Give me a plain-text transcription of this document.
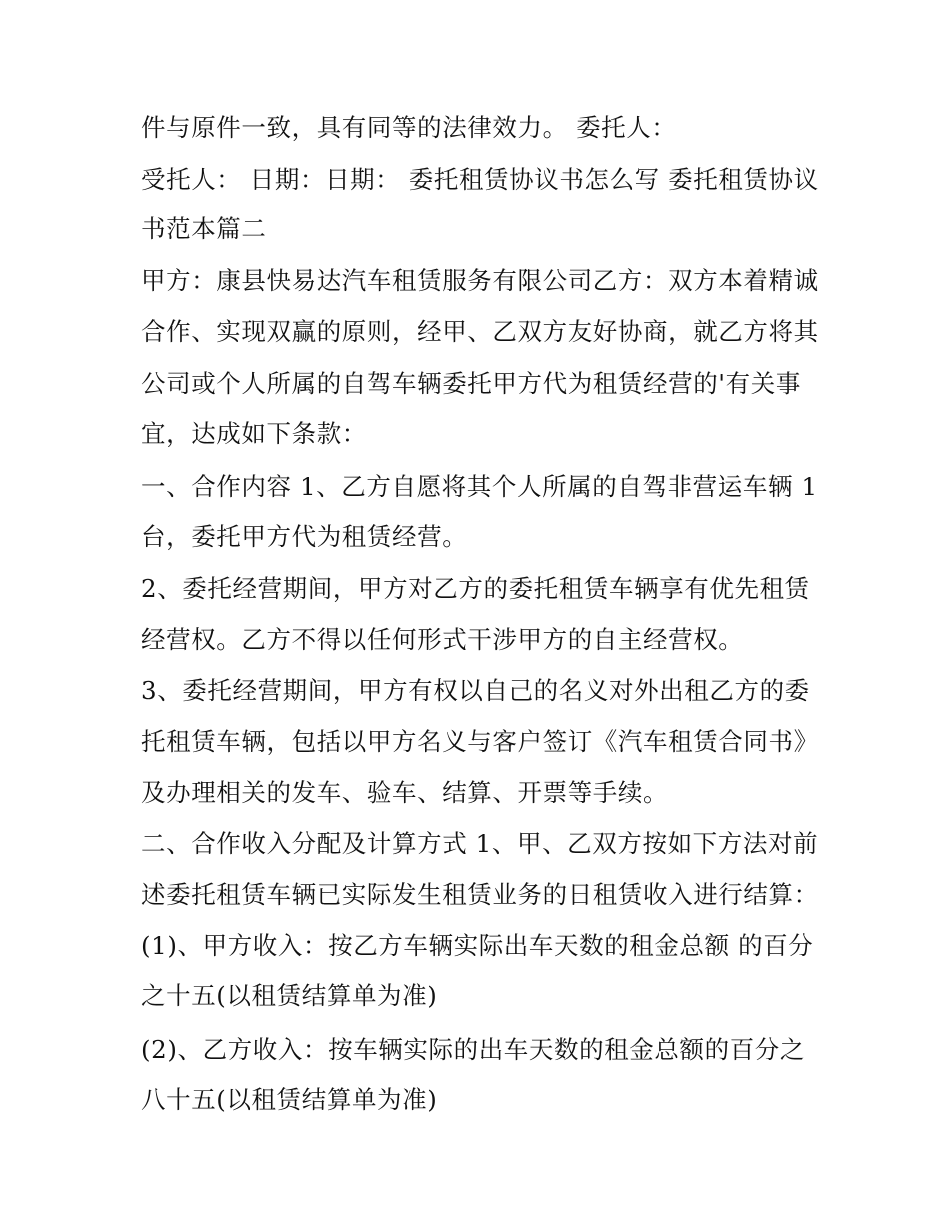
件与原件一致，具有同等的法律效力。 委托人：
受托人： 日期：日期： 委托租赁协议书怎么写 委托租赁协议
书范本篇二
甲方：康县快易达汽车租赁服务有限公司乙方：双方本着精诚
合作、实现双赢的原则，经甲、乙双方友好协商，就乙方将其
公司或个人所属的自驾车辆委托甲方代为租赁经营的'有关事
宜，达成如下条款：
一、合作内容 1、乙方自愿将其个人所属的自驾非营运车辆 1
台，委托甲方代为租赁经营。
2、委托经营期间，甲方对乙方的委托租赁车辆享有优先租赁
经营权。乙方不得以任何形式干涉甲方的自主经营权。
3、委托经营期间，甲方有权以自己的名义对外出租乙方的委
托租赁车辆，包括以甲方名义与客户签订《汽车租赁合同书》
及办理相关的发车、验车、结算、开票等手续。
二、合作收入分配及计算方式 1、甲、乙双方按如下方法对前
述委托租赁车辆已实际发生租赁业务的日租赁收入进行结算：
(1)、甲方收入：按乙方车辆实际出车天数的租金总额 的百分
之十五(以租赁结算单为准)
(2)、乙方收入：按车辆实际的出车天数的租金总额的百分之
八十五(以租赁结算单为准)
